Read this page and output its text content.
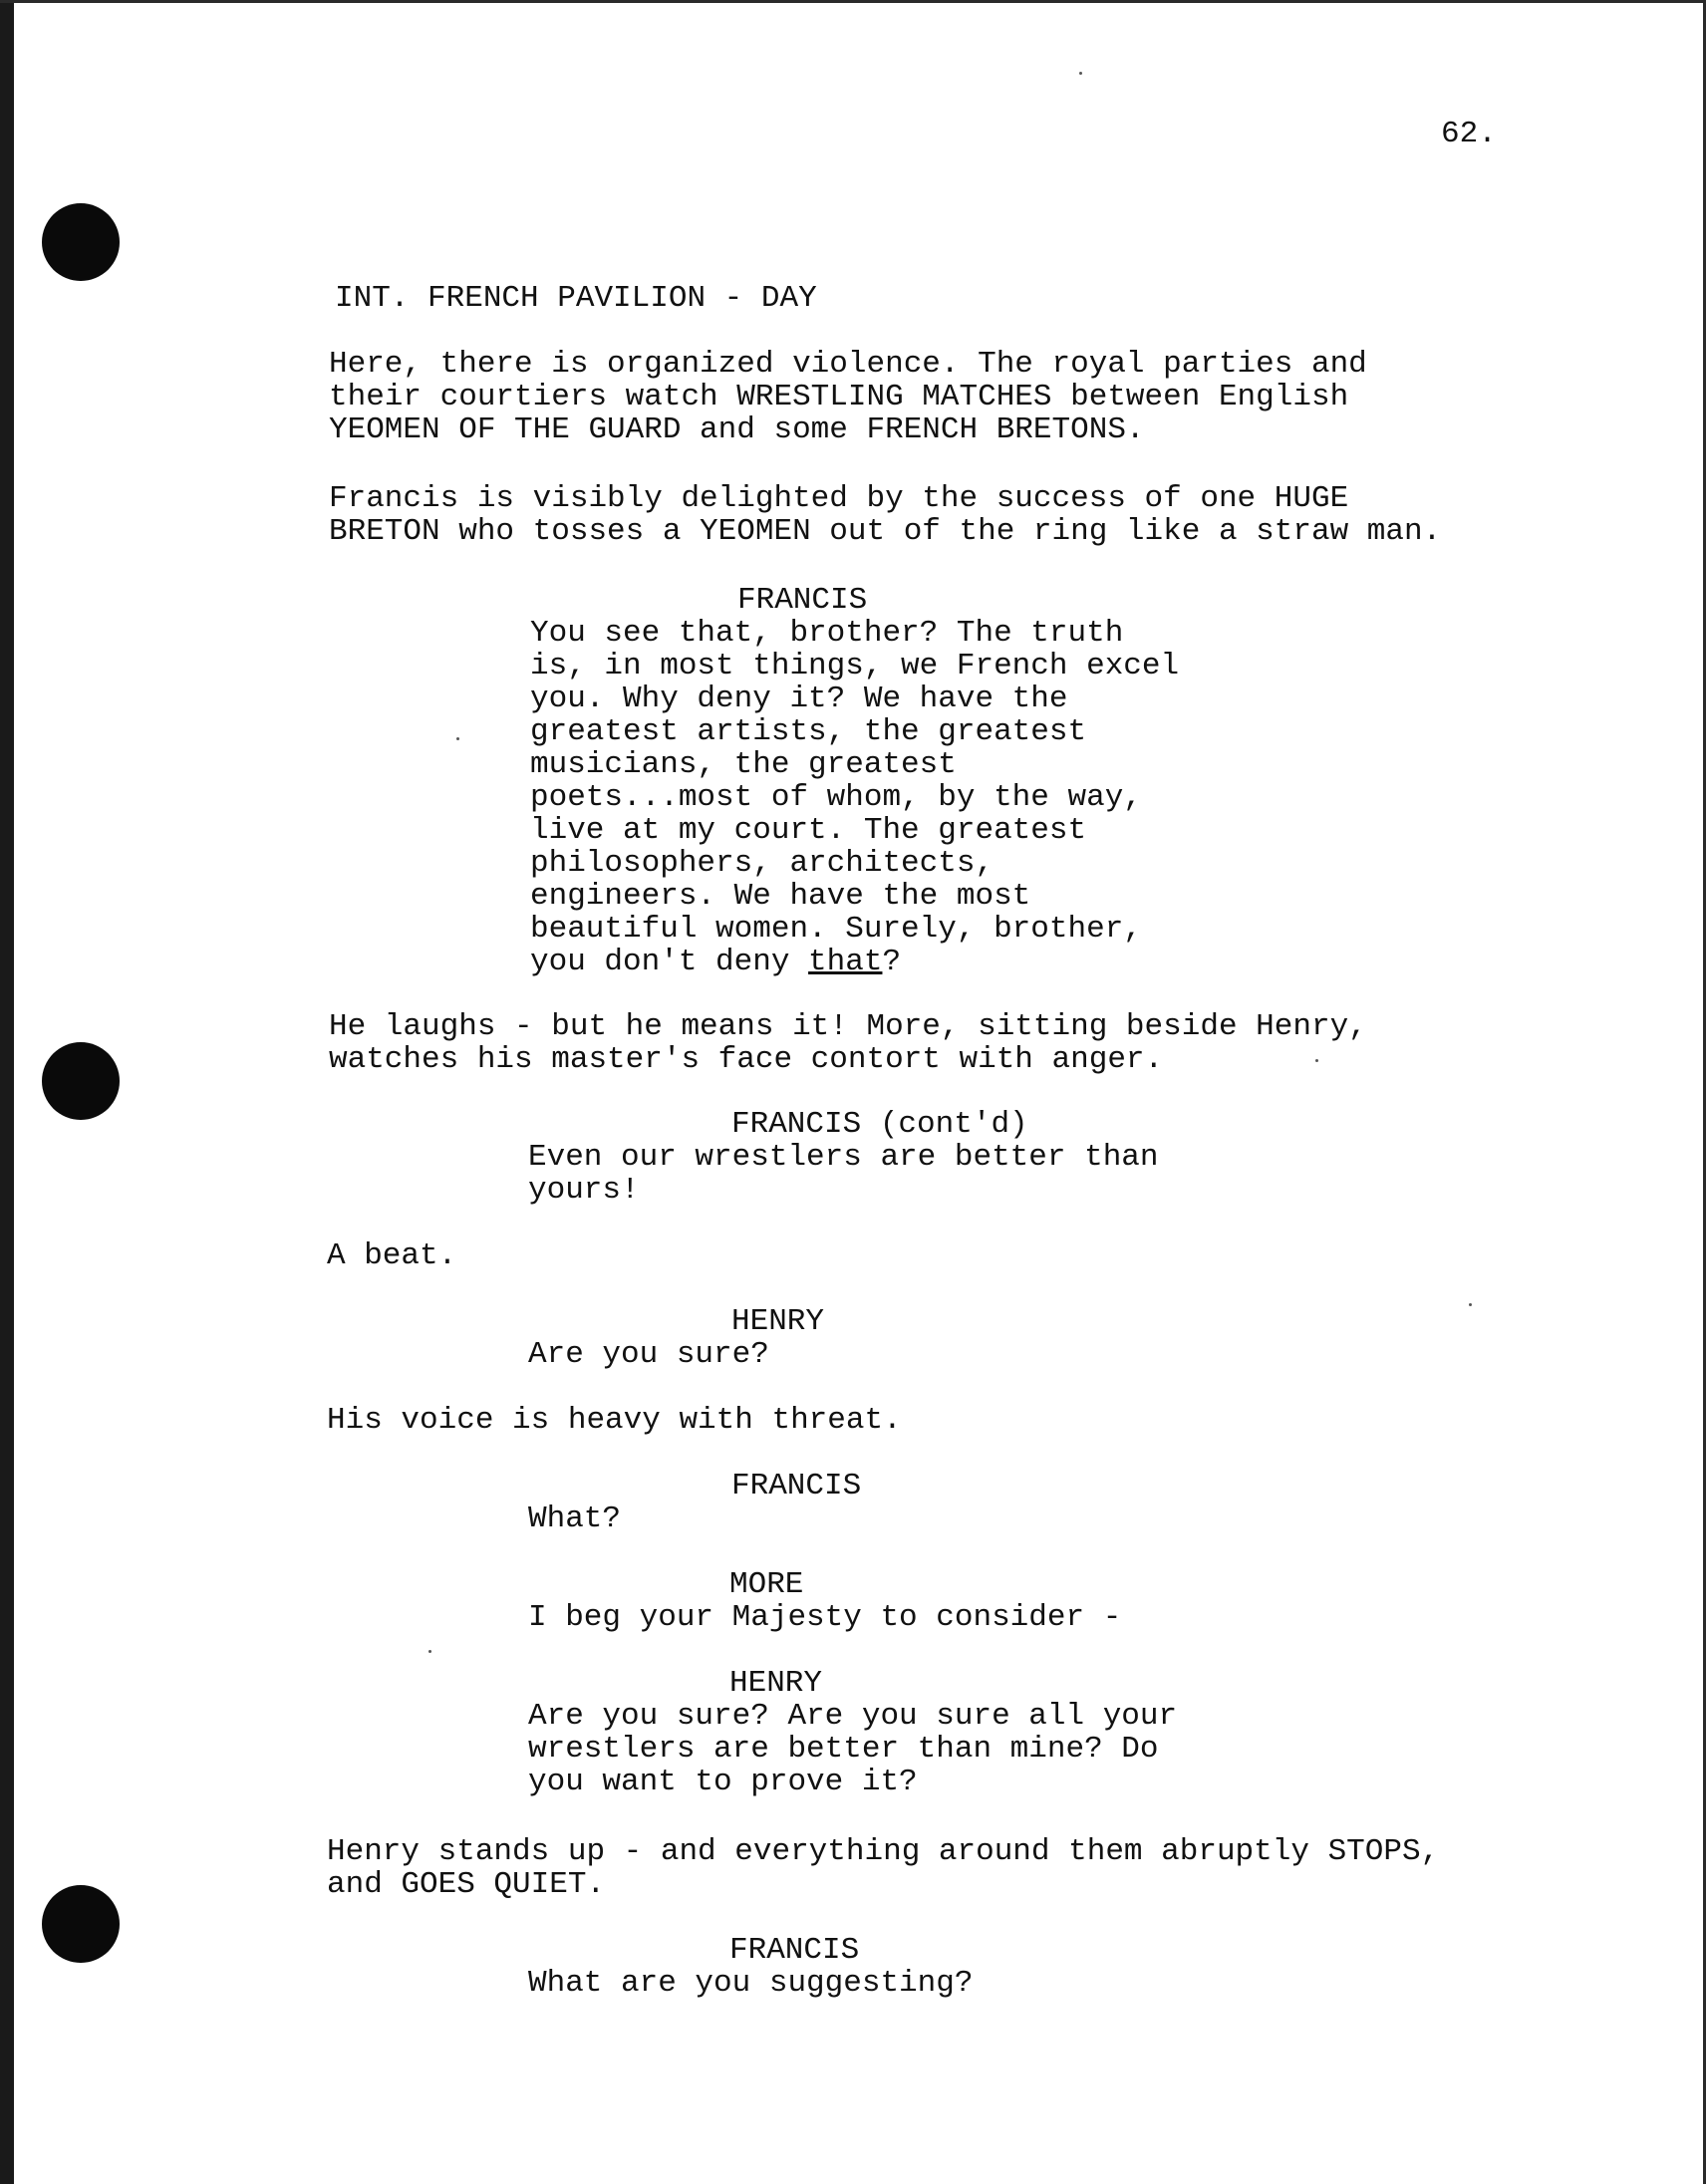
62.

INT. FRENCH PAVILION - DAY

Here, there is organized violence. The royal parties and

their courtiers watch WRESTLING MATCHES between English

YEOMEN OF THE GUARD and some FRENCH BRETONS.

Francis is visibly delighted by the success of one HUGE

BRETON who tosses a YEOMEN out of the ring like a straw man.

FRANCIS

You see that, brother? The truth

is, in most things, we French excel

you. Why deny it? We have the

greatest artists, the greatest

musicians, the greatest

poets...most of whom, by the way,

live at my court. The greatest

philosophers, architects,

engineers. We have the most

beautiful women. Surely, brother,

you don't deny that?

He laughs - but he means it! More, sitting beside Henry,

watches his master's face contort with anger.

FRANCIS (cont'd)

Even our wrestlers are better than

yours!

A beat.

HENRY

Are you sure?

His voice is heavy with threat.

FRANCIS

What?

MORE

I beg your Majesty to consider -

HENRY

Are you sure? Are you sure all your

wrestlers are better than mine? Do

you want to prove it?

Henry stands up - and everything around them abruptly STOPS,

and GOES QUIET.

FRANCIS

What are you suggesting?
